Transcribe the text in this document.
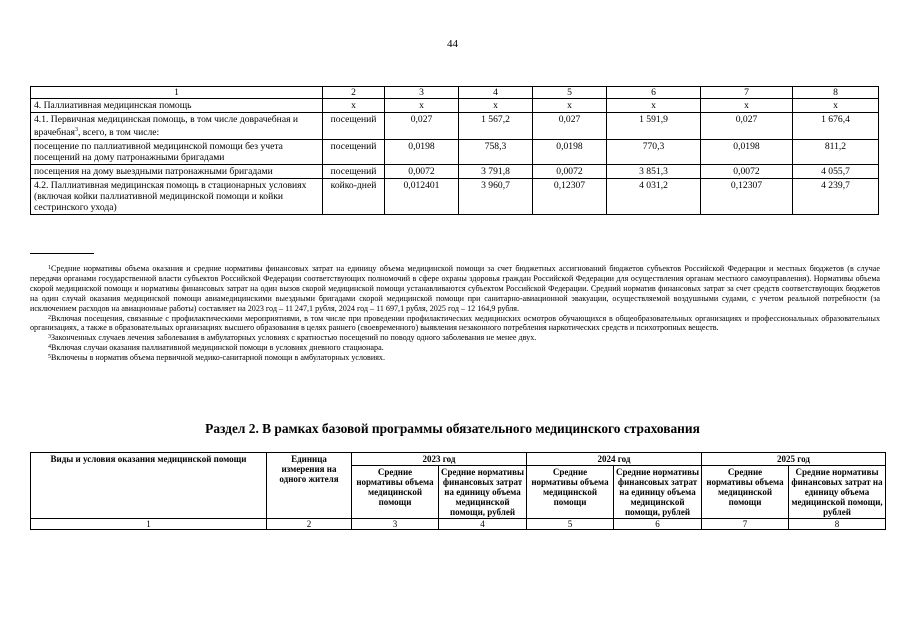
44
1	2	3	4	5	6	7	8
4. Паллиативная медицинская помощь	х	х	х	х	х	х	х
4.1. Первичная медицинская помощь, в том числе доврачебная и врачебная$^3$, всего, в том числе:	посещений	0,027	1 567,2	0,027	1 591,9	0,027	1 676,4
посещение по паллиативной медицинской помощи без учета посещений на дому патронажными бригадами	посещений	0,0198	758,3	0,0198	770,3	0,0198	811,2
посещения на дому выездными патронажными бригадами	посещений	0,0072	3 791,8	0,0072	3 851,3	0,0072	4 055,7
4.2. Паллиативная медицинская помощь в стационарных условиях (включая койки паллиативной медицинской помощи и койки сестринского ухода)	койко-дней	0,012401	3 960,7	0,12307	4 031,2	0,12307	4 239,7

$^1$Средние нормативы объема оказания и средние нормативы финансовых затрат на единицу объема медицинской помощи за счет бюджетных ассигнований бюджетов субъектов Российской Федерации и местных бюджетов (в случае передачи органами государственной власти субъектов Российской Федерации соответствующих полномочий в сфере охраны здоровья граждан Российской Федерации для осуществления органам местного самоуправления). Нормативы объема скорой медицинской помощи и нормативы финансовых затрат на один вызов скорой медицинской помощи устанавливаются субъектом Российской Федерации. Средний норматив финансовых затрат за счет средств соответствующих бюджетов на один случай оказания медицинской помощи авиамедицинскими выездными бригадами скорой медицинской помощи при санитарно-авиационной эвакуации, осуществляемой воздушными судами, с учетом реальной потребности (за исключением расходов на авиационные работы) составляет на 2023 год – 11 247,1 рубля, 2024 год – 11 697,1 рубля, 2025 год – 12 164,9 рубля.

$^2$Включая посещения, связанные с профилактическими мероприятиями, в том числе при проведении профилактических медицинских осмотров обучающихся в общеобразовательных организациях и профессиональных образовательных организациях, а также в образовательных организациях высшего образования в целях раннего (своевременного) выявления незаконного потребления наркотических средств и психотропных веществ.

$^3$Законченных случаев лечения заболевания в амбулаторных условиях с кратностью посещений по поводу одного заболевания не менее двух.

$^4$Включая случаи оказания паллиативной медицинской помощи в условиях дневного стационара.

$^5$Включены в норматив объема первичной медико-санитарной помощи в амбулаторных условиях.

Раздел 2. В рамках базовой программы обязательного медицинского страхования
Виды и условия оказания медицинской помощи	Единица измерения на одного жителя	2023 год		2024 год		2025 год	
		Средние нормативы объема медицинской помощи	Средние нормативы финансовых затрат на единицу объема медицинской помощи, рублей	Средние нормативы объема медицинской помощи	Средние нормативы финансовых затрат на единицу объема медицинской помощи, рублей	Средние нормативы объема медицинской помощи	Средние нормативы финансовых затрат на единицу объема медицинской помощи, рублей
1	2	3	4	5	6	7	8
